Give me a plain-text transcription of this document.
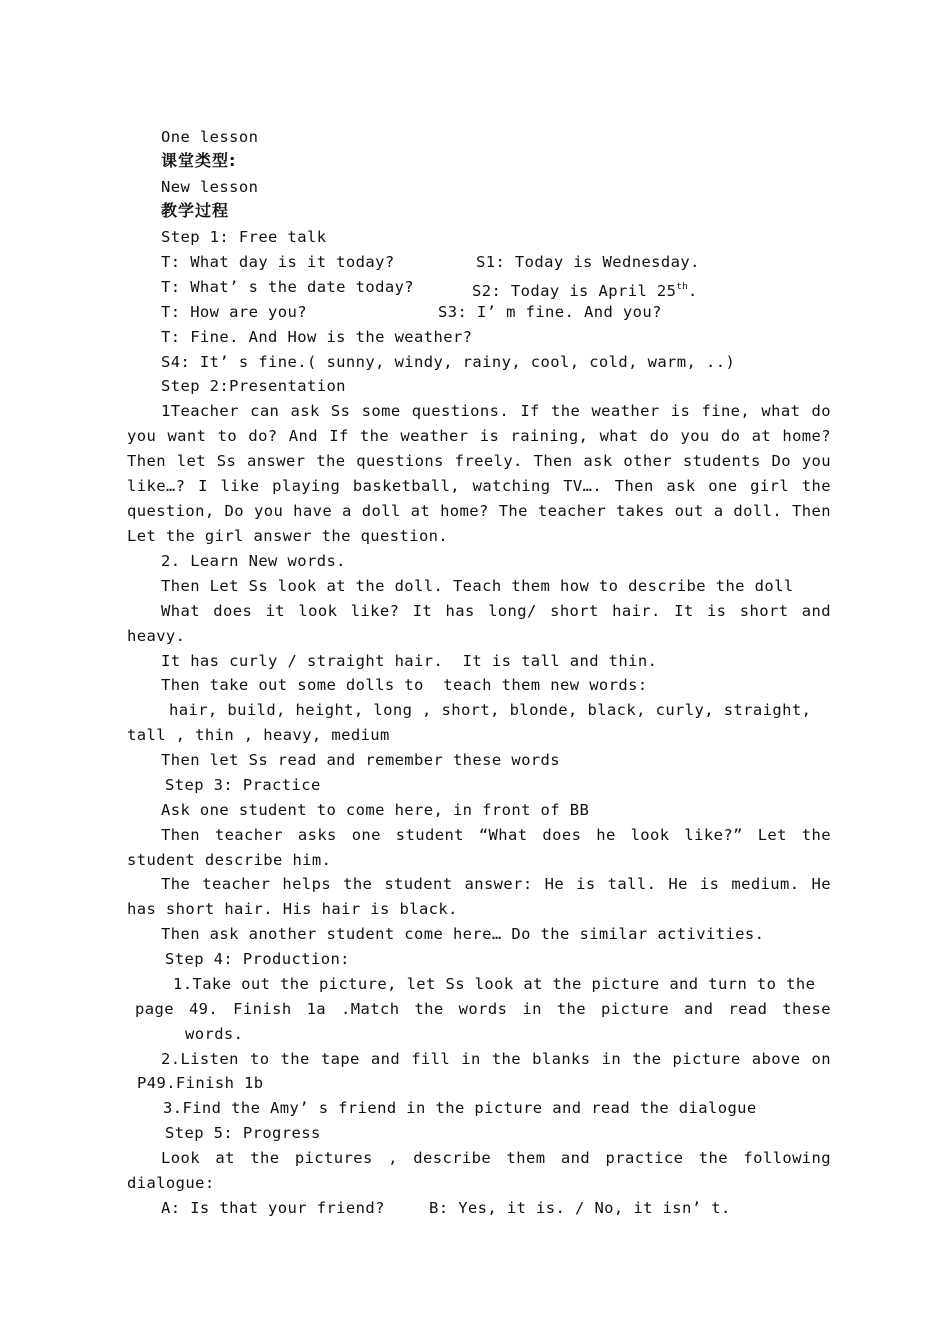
One lesson
课堂类型:
New lesson
教学过程
Step 1: Free talk
T: What day is it today?	S1: Today is Wednesday.
T: What’ s the date today?	S2: Today is April 25th.
T: How are you?	S3: I’ m fine. And you?
T: Fine. And How is the weather?
S4: It’ s fine.( sunny, windy, rainy, cool, cold, warm, ..)
Step 2:Presentation
1Teacher can ask Ss some questions. If the weather is fine, what do
you want to do? And If the weather is raining, what do you do at home?
Then let Ss answer the questions freely. Then ask other students Do you
like…? I like playing basketball, watching TV…. Then ask one girl the
question, Do you have a doll at home? The teacher takes out a doll. Then
Let the girl answer the question.
2. Learn New words.
Then Let Ss look at the doll. Teach them how to describe the doll
What does it look like? It has long/ short hair. It is short and
heavy.
It has curly / straight hair.  It is tall and thin.
Then take out some dolls to  teach them new words:
hair, build, height, long , short, blonde, black, curly, straight,
tall , thin , heavy, medium
Then let Ss read and remember these words
Step 3: Practice
Ask one student to come here, in front of BB
Then teacher asks one student “What does he look like?” Let the
student describe him.
The teacher helps the student answer: He is tall. He is medium. He
has short hair. His hair is black.
Then ask another student come here… Do the similar activities.
Step 4: Production:
1.Take out the picture, let Ss look at the picture and turn to the
page 49. Finish 1a .Match the words in the picture and read these
words.
2.Listen to the tape and fill in the blanks in the picture above on
P49.Finish 1b
3.Find the Amy’ s friend in the picture and read the dialogue
Step 5: Progress
Look at the pictures , describe them and practice the following
dialogue:
A: Is that your friend?	B: Yes, it is. / No, it isn’ t.
